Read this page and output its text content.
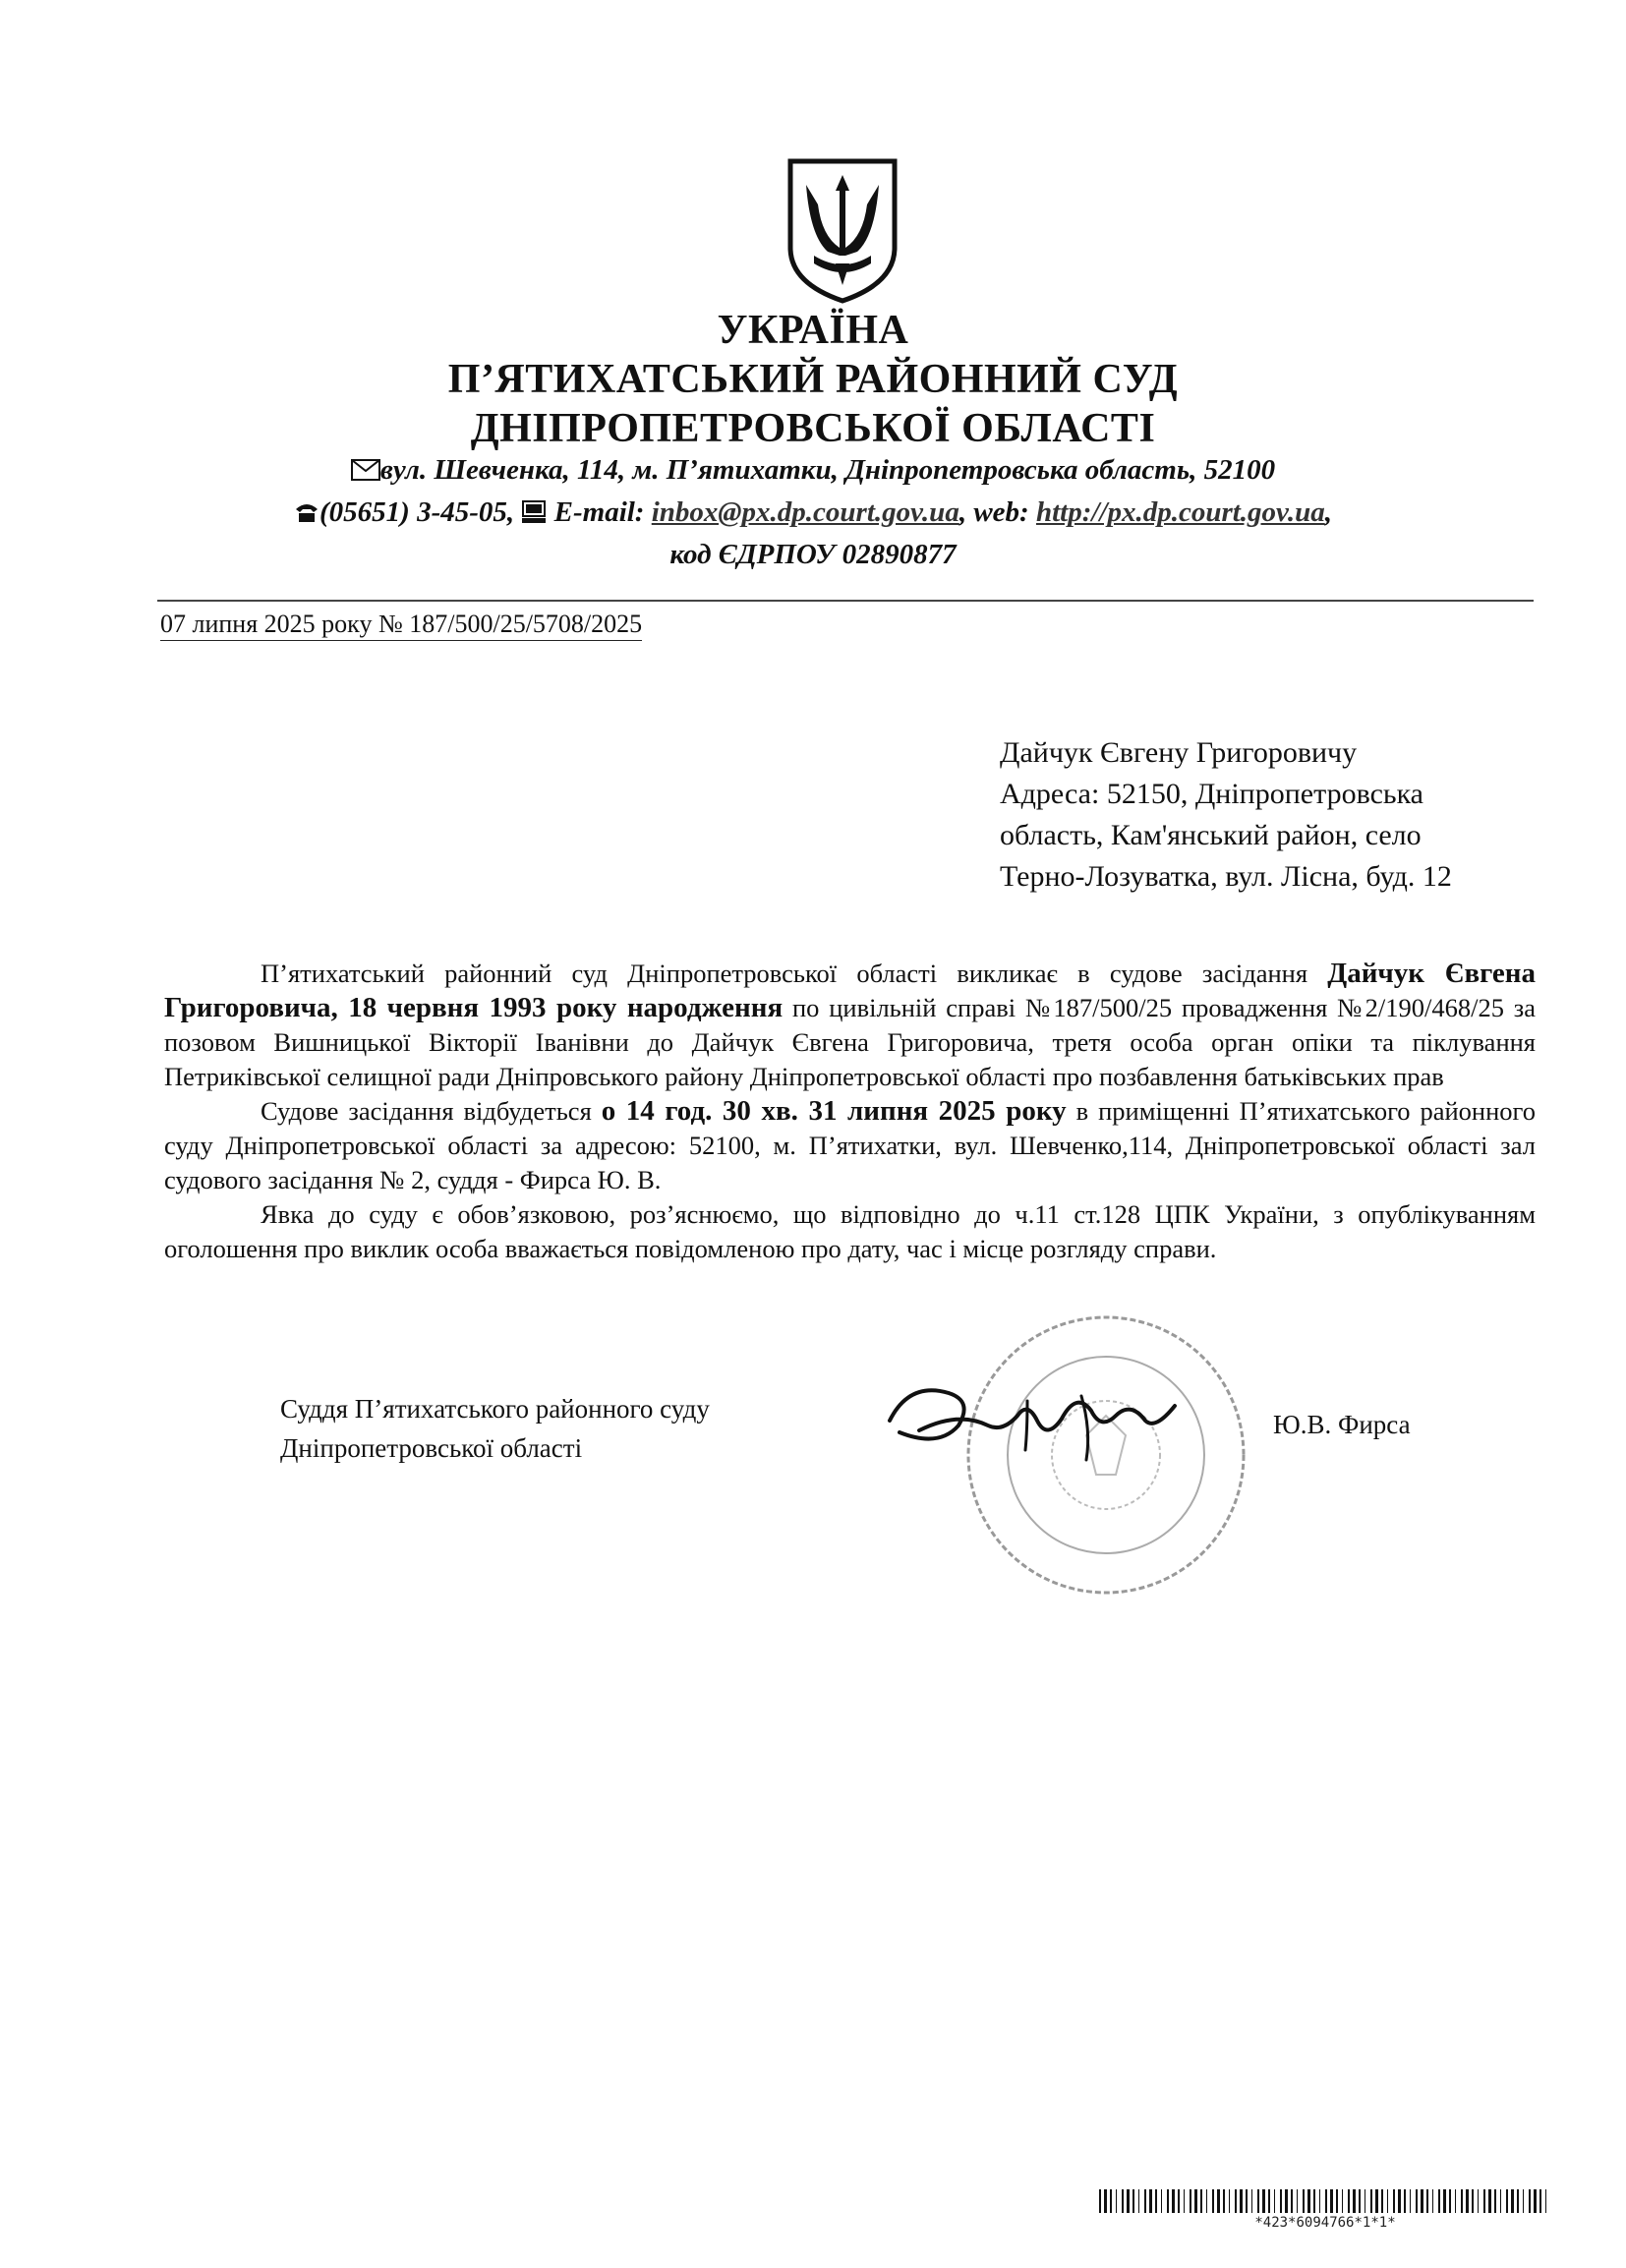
УКРАЇНА
П’ЯТИХАТСЬКИЙ РАЙОННИЙ СУД
ДНІПРОПЕТРОВСЬКОЇ ОБЛАСТІ
вул. Шевченка, 114, м. П’ятихатки, Дніпропетровська область, 52100
(05651) 3-45-05, E-mail: inbox@px.dp.court.gov.ua, web: http://px.dp.court.gov.ua,
код ЄДРПОУ 02890877
07 липня 2025 року № 187/500/25/5708/2025
Дайчук Євгену Григоровичу
Адреса: 52150, Дніпропетровська
область, Кам'янський район, село
Терно-Лозуватка, вул. Лісна, буд. 12

П’ятихатський районний суд Дніпропетровської області викликає в судове засідання Дайчук Євгена Григоровича, 18 червня 1993 року народження по цивільній справі №187/500/25 провадження №2/190/468/25 за позовом Вишницької Вікторії Іванівни до Дайчук Євгена Григоровича, третя особа орган опіки та піклування Петриківської селищної ради Дніпровського району Дніпропетровської області про позбавлення батьківських прав

Судове засідання відбудеться о 14 год. 30 хв. 31 липня 2025 року в приміщенні П’ятихатського районного суду Дніпропетровської області за адресою: 52100, м. П’ятихатки, вул. Шевченко,114, Дніпропетровської області зал судового засідання № 2, суддя - Фирса Ю. В.

Явка до суду є обов’язковою, роз’яснюємо, що відповідно до ч.11 ст.128 ЦПК України, з опублікуванням оголошення про виклик особа вважається повідомленою про дату, час і місце розгляду справи.

Суддя П’ятихатського районного суду
Дніпропетровської області
Ю.В. Фирса
*423*6094766*1*1*
